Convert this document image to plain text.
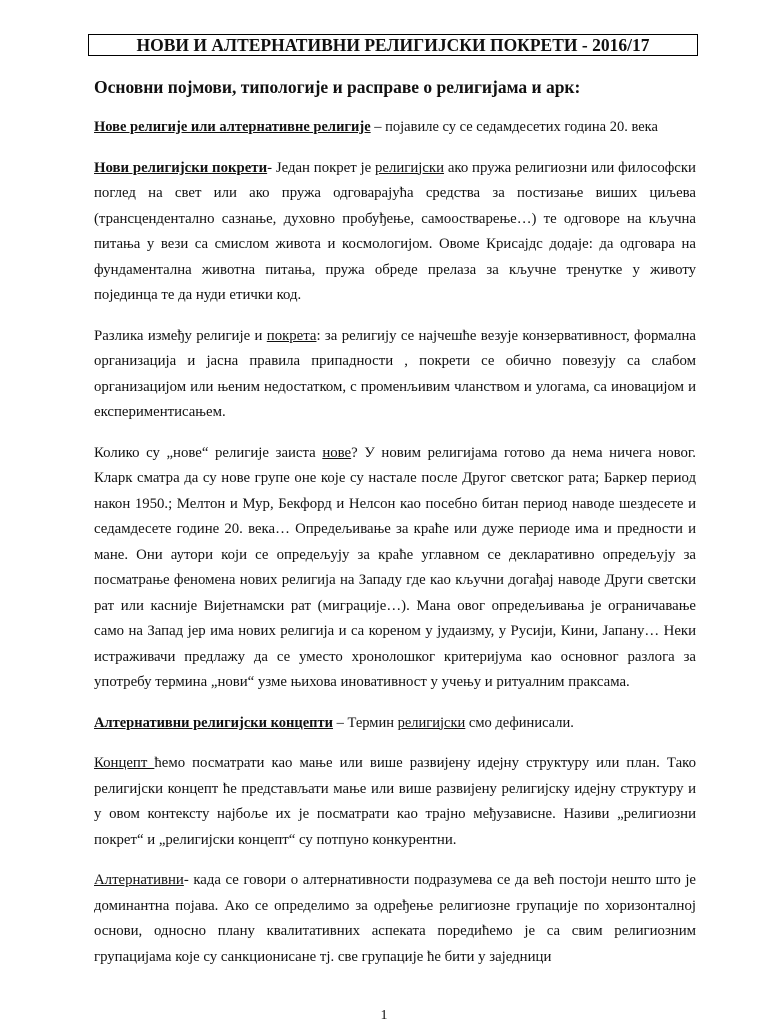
НОВИ И АЛТЕРНАТИВНИ РЕЛИГИЈСКИ ПОКРЕТИ - 2016/17
Основни појмови, типологије и расправе о религијама и арк:

Нове религије или алтернативне религије – појавиле су се седамдесетих година 20. века

Нови религијски покрети- Један покрет је религијски ако пружа религиозни или философски поглед на свет или ако пружа одговарајућа средства за постизање виших циљева (трансцендентално сазнање, духовно пробуђење, самоостварење…) те одговоре на кључна питања у вези са смислом живота и космологијом. Овоме Крисајдс додаје: да одговара на фундаментална животна питања, пружа обреде прелаза за кључне тренутке у животу појединца те да нуди етички код.

Разлика између религије и покрета: за религију се најчешће везује конзервативност, формална организација и јасна правила припадности , покрети се обично повезују са слабом организацијом или њеним недостатком, с променљивим чланством и улогама, са иновацијом и експериментисањем.

Колико су „нове“ религије заиста нове? У новим религијама готово да нема ничега новог. Кларк сматра да су нове групе оне које су настале после Другог светског рата; Баркер период након 1950.; Мелтон и Мур, Бекфорд и Нелсон као посебно битан период наводе шездесете и седамдесете године 20. века… Опредељивање за краће или дуже периоде има и предности и мане. Они аутори који се опредељују за краће углавном се декларативно опредељују за посматрање феномена нових религија на Западу где као кључни догађај наводе Други светски рат или касније Вијетнамски рат (миграције…). Мана овог опредељивања је ограничавање само на Запад јер има нових религија и са кореном у јудаизму, у Русији, Кини, Јапану… Неки истраживачи предлажу да се уместо хронолошког критеријума као основног разлога за употребу термина „нови“ узме њихова иновативност у учењу и ритуалним праксама.

Алтернативни религијски концепти – Термин религијски смо дефинисали.

Концепт ћемо посматрати као мање или више развијену идејну структуру или план. Тако религијски концепт ће представљати мање или више развијену религијску идејну структуру и у овом контексту најбоље их је посматрати као трајно међузависне. Називи „религиозни покрет“ и „религијски концепт“ су потпуно конкурентни.

Алтернативни- када се говори о алтернативности подразумева се да већ постоји нешто што је доминантна појава. Ако се определимо за одређење религиозне групације по хоризонталној основи, односно плану квалитативних аспеката поредићемо је са свим религиозним групацијама које су санкционисане тј. све групације ће бити у заједници

1
